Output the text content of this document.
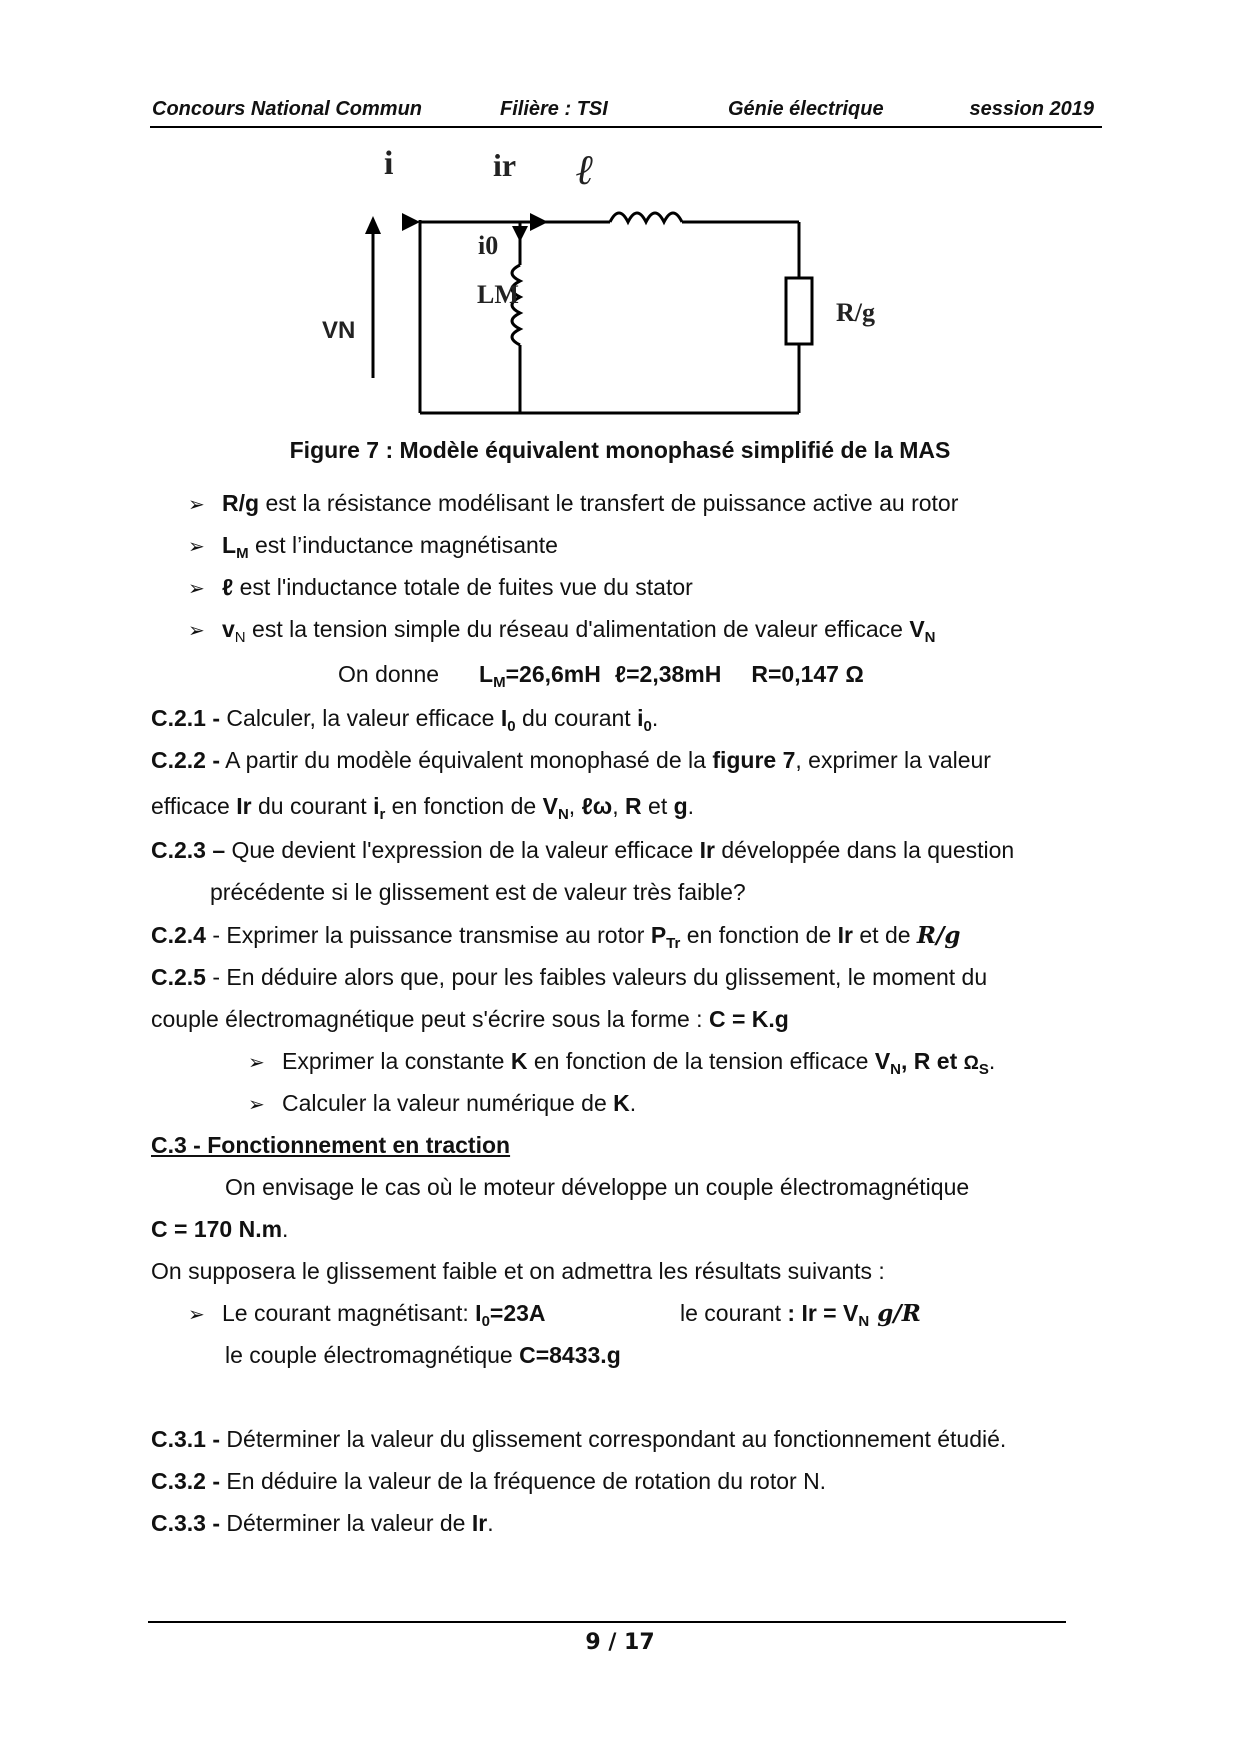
Concours National Commun	Filière : TSI	Génie électrique	session 2019
i	ir ℓ
i0
LM
R/g
VN
Figure 7 : Modèle équivalent monophasé simplifié de la MAS
➢ R/g est la résistance modélisant le transfert de puissance active au rotor
➢ $L_M$ est l’inductance magnétisante
➢ ℓ est l'inductance totale de fuites vue du stator
➢ $v_N$ est la tension simple du réseau d'alimentation de valeur efficace $V_N$
On donne $L_M=26,6mH$ ℓ=2,38mH R=0,147 Ω
C.2.1 - Calculer, la valeur efficace $I_0$ du courant $i_0$.
C.2.2 - A partir du modèle équivalent monophasé de la figure 7, exprimer la valeur
efficace Ir du courant $i_r$ en fonction de $V_N$, ℓω, R et g.
C.2.3 – Que devient l'expression de la valeur efficace Ir développée dans la question
précédente si le glissement est de valeur très faible?
C.2.4 - Exprimer la puissance transmise au rotor $P_{Tr}$ en fonction de Ir et de R/g
C.2.5 - En déduire alors que, pour les faibles valeurs du glissement, le moment du
couple électromagnétique peut s'écrire sous la forme : C = K.g
➢ Exprimer la constante K en fonction de la tension efficace $V_N$, R et $\Omega_S$.
➢ Calculer la valeur numérique de K.
C.3 - Fonctionnement en traction
On envisage le cas où le moteur développe un couple électromagnétique
C = 170 N.m.
On supposera le glissement faible et on admettra les résultats suivants :
➢ Le courant magnétisant: $I_0=23A$	le courant : $Ir = V_N$ g/R
le couple électromagnétique C=8433.g
C.3.1 - Déterminer la valeur du glissement correspondant au fonctionnement étudié.
C.3.2 - En déduire la valeur de la fréquence de rotation du rotor N.
C.3.3 - Déterminer la valeur de Ir.
9 / 17
